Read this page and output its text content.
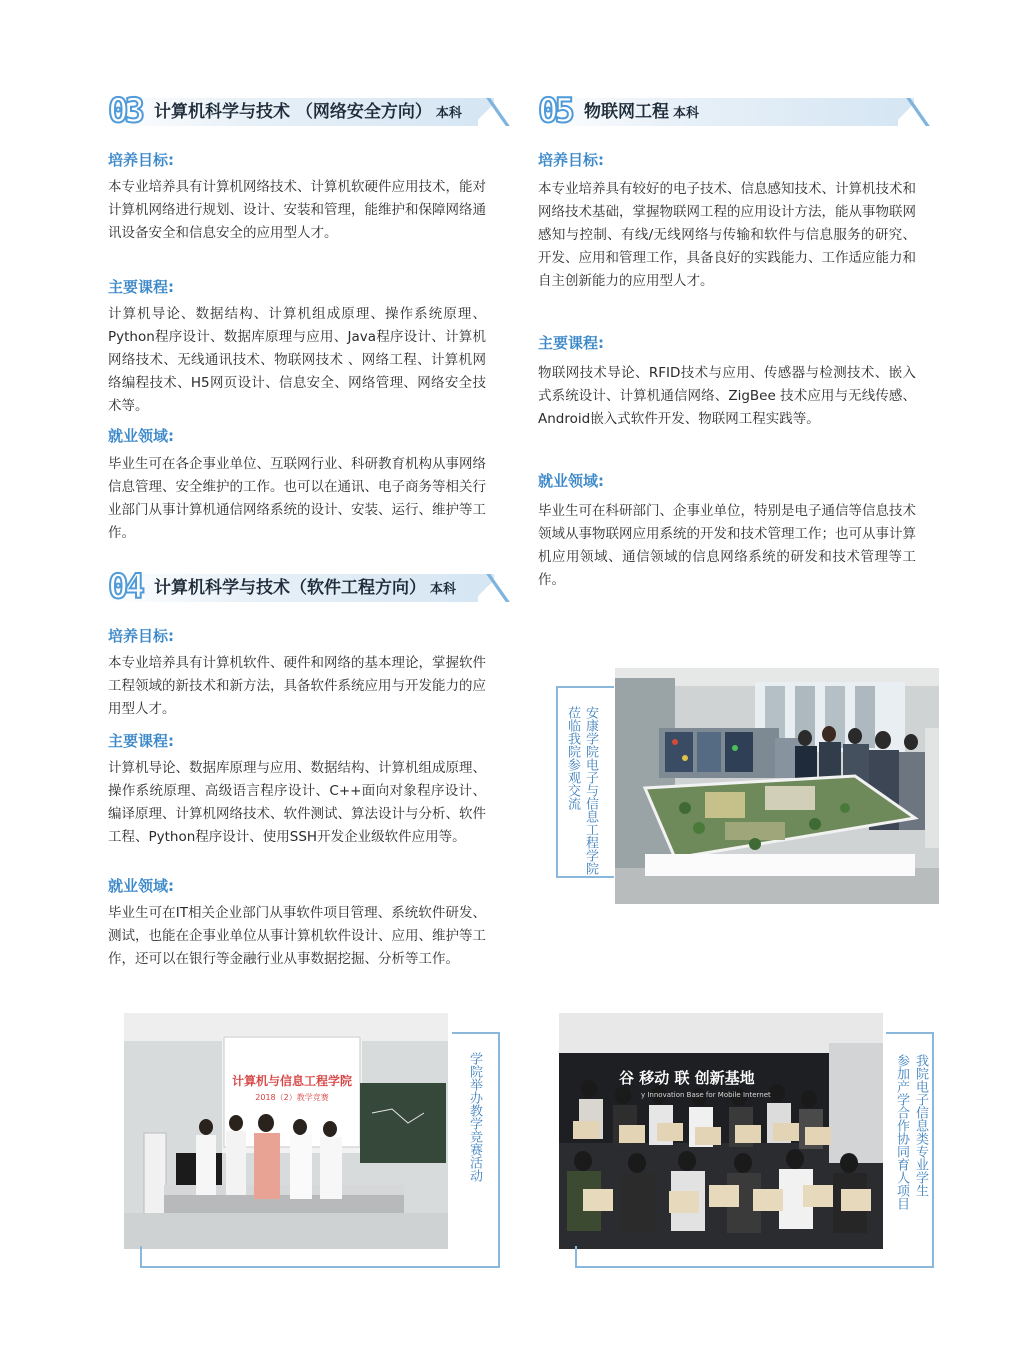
03 计算机科学与技术 （网络安全方向） 本科
培养目标:
本专业培养具有计算机网络技术、计算机软硬件应用技术，能对计算机网络进行规划、设计、安装和管理，能维护和保障网络通讯设备安全和信息安全的应用型人才。
主要课程:
计算机导论、数据结构、计算机组成原理、操作系统原理、Python程序设计、数据库原理与应用、Java程序设计、计算机网络技术、无线通讯技术、物联网技术 、网络工程、计算机网络编程技术、H5网页设计、信息安全、网络管理、网络安全技术等。
就业领域:
毕业生可在各企事业单位、互联网行业、科研教育机构从事网络信息管理、安全维护的工作。也可以在通讯、电子商务等相关行业部门从事计算机通信网络系统的设计、安装、运行、维护等工作。
04 计算机科学与技术（软件工程方向） 本科
培养目标:
本专业培养具有计算机软件、硬件和网络的基本理论，掌握软件工程领域的新技术和新方法，具备软件系统应用与开发能力的应用型人才。
主要课程:
计算机导论、数据库原理与应用、数据结构、计算机组成原理、操作系统原理、高级语言程序设计、C++面向对象程序设计、编译原理、计算机网络技术、软件测试、算法设计与分析、软件工程、Python程序设计、使用SSH开发企业级软件应用等。
就业领域:
毕业生可在IT相关企业部门从事软件项目管理、系统软件研发、测试，也能在企事业单位从事计算机软件设计、应用、维护等工作，还可以在银行等金融行业从事数据挖掘、分析等工作。
05 物联网工程 本科
培养目标:
本专业培养具有较好的电子技术、信息感知技术、计算机技术和网络技术基础，掌握物联网工程的应用设计方法，能从事物联网感知与控制、有线/无线网络与传输和软件与信息服务的研究、开发、应用和管理工作，具备良好的实践能力、工作适应能力和自主创新能力的应用型人才。
主要课程:
物联网技术导论、RFID技术与应用、传感器与检测技术、嵌入式系统设计、计算机通信网络、ZigBee 技术应用与无线传感、Android嵌入式软件开发、物联网工程实践等。
就业领域:
毕业生可在科研部门、企事业单位，特别是电子通信等信息技术领域从事物联网应用系统的开发和技术管理工作；也可从事计算机应用领域、通信领域的信息网络系统的研发和技术管理等工作。
安康学院电子与信息工程学院
莅临我院参观交流
计算机与信息工程学院
2018（2）教学竞赛	学院举办教学竞赛活动	谷 移动 联 创新基地
y Innovation Base for Mobile Internet	我院电子信息类专业学生
参加产学合作协同育人项目
